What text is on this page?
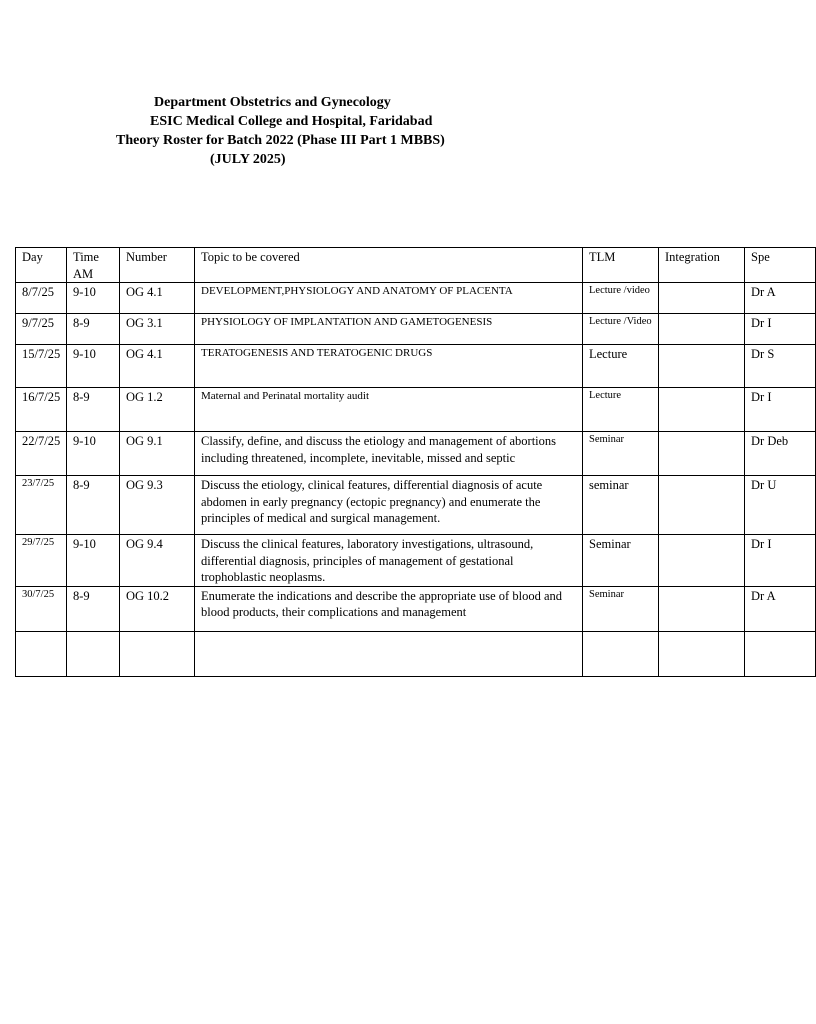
Department Obstetrics and Gynecology
ESIC Medical College and Hospital, Faridabad
Theory Roster for Batch 2022 (Phase III Part 1 MBBS)
(JULY 2025)
Day	Time AM	Number	Topic to be covered	TLM	Integration	Spe
8/7/25	9-10	OG 4.1	DEVELOPMENT,PHYSIOLOGY AND ANATOMY OF PLACENTA	Lecture /video		Dr A
9/7/25	8-9	OG 3.1	PHYSIOLOGY OF IMPLANTATION AND GAMETOGENESIS	Lecture /Video		Dr I
15/7/25	9-10	OG 4.1	TERATOGENESIS AND TERATOGENIC DRUGS	Lecture		Dr S
16/7/25	8-9	OG 1.2	Maternal and Perinatal mortality audit	Lecture		Dr I
22/7/25	9-10	OG 9.1	Classify, define, and discuss the etiology and management of abortions including threatened, incomplete, inevitable, missed and septic	Seminar		Dr Deb
23/7/25	8-9	OG 9.3	Discuss the etiology, clinical features, differential diagnosis of acute abdomen in early pregnancy (ectopic pregnancy) and enumerate the principles of medical and surgical management.	seminar		Dr U
29/7/25	9-10	OG 9.4	Discuss the clinical features, laboratory investigations, ultrasound, differential diagnosis, principles of management of gestational trophoblastic neoplasms.	Seminar		Dr I
30/7/25	8-9	OG 10.2	Enumerate the indications and describe the appropriate use of blood and blood products, their complications and management	Seminar		Dr A
